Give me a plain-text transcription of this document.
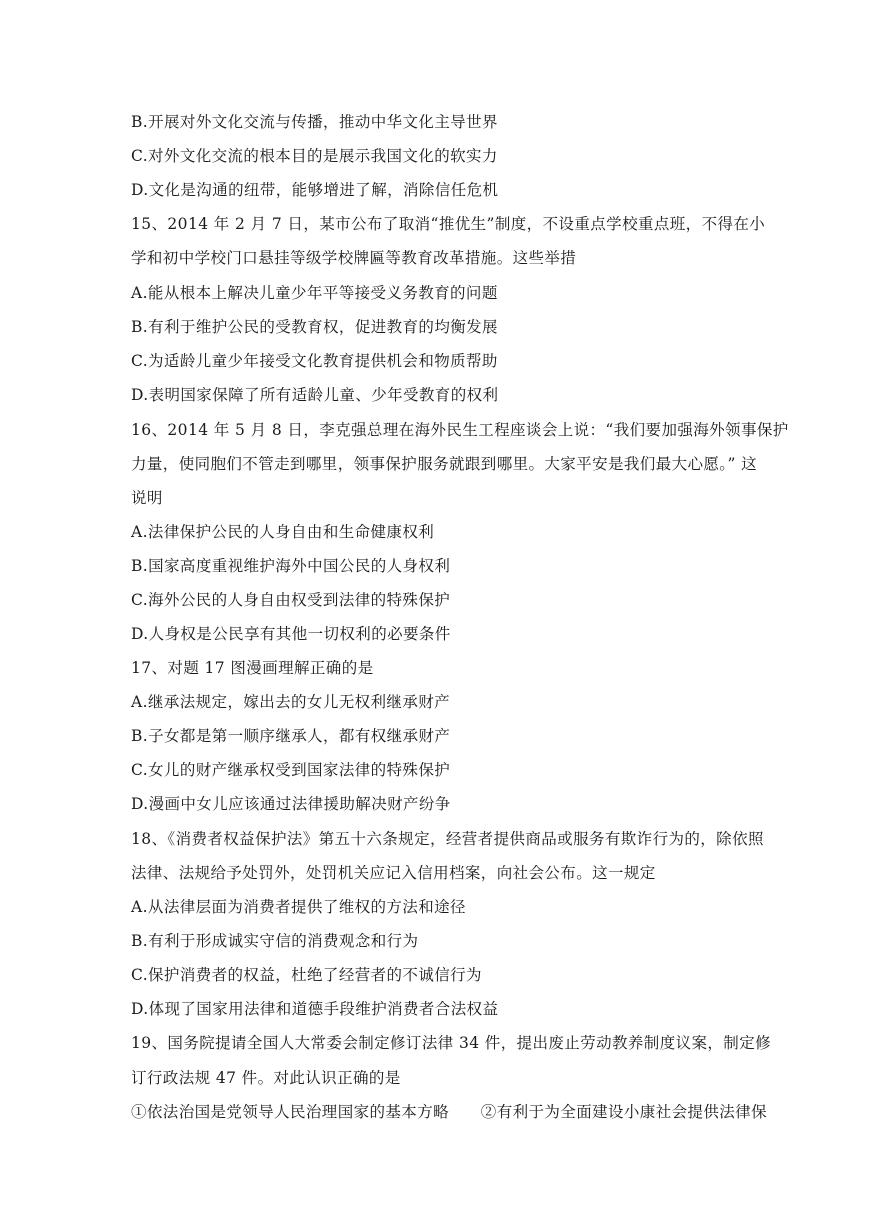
B.开展对外文化交流与传播，推动中华文化主导世界
C.对外文化交流的根本目的是展示我国文化的软实力
D.文化是沟通的纽带，能够增进了解，消除信任危机
15、2014 年 2 月 7 日，某市公布了取消“推优生”制度，不设重点学校重点班，不得在小
学和初中学校门口悬挂等级学校牌匾等教育改革措施。这些举措
A.能从根本上解决儿童少年平等接受义务教育的问题
B.有利于维护公民的受教育权，促进教育的均衡发展
C.为适龄儿童少年接受文化教育提供机会和物质帮助
D.表明国家保障了所有适龄儿童、少年受教育的权利
16、2014 年 5 月 8 日，李克强总理在海外民生工程座谈会上说：“我们要加强海外领事保护
力量，使同胞们不管走到哪里，领事保护服务就跟到哪里。大家平安是我们最大心愿。” 这
说明
A.法律保护公民的人身自由和生命健康权利
B.国家高度重视维护海外中国公民的人身权利
C.海外公民的人身自由权受到法律的特殊保护
D.人身权是公民享有其他一切权利的必要条件
17、对题 17 图漫画理解正确的是
A.继承法规定，嫁出去的女儿无权利继承财产
B.子女都是第一顺序继承人，都有权继承财产
C.女儿的财产继承权受到国家法律的特殊保护
D.漫画中女儿应该通过法律援助解决财产纷争
18、《消费者权益保护法》第五十六条规定，经营者提供商品或服务有欺诈行为的，除依照
法律、法规给予处罚外，处罚机关应记入信用档案，向社会公布。这一规定
A.从法律层面为消费者提供了维权的方法和途径
B.有利于形成诚实守信的消费观念和行为
C.保护消费者的权益，杜绝了经营者的不诚信行为
D.体现了国家用法律和道德手段维护消费者合法权益
19、国务院提请全国人大常委会制定修订法律 34 件，提出废止劳动教养制度议案，制定修
订行政法规 47 件。对此认识正确的是
①依法治国是党领导人民治理国家的基本方略　　②有利于为全面建设小康社会提供法律保
